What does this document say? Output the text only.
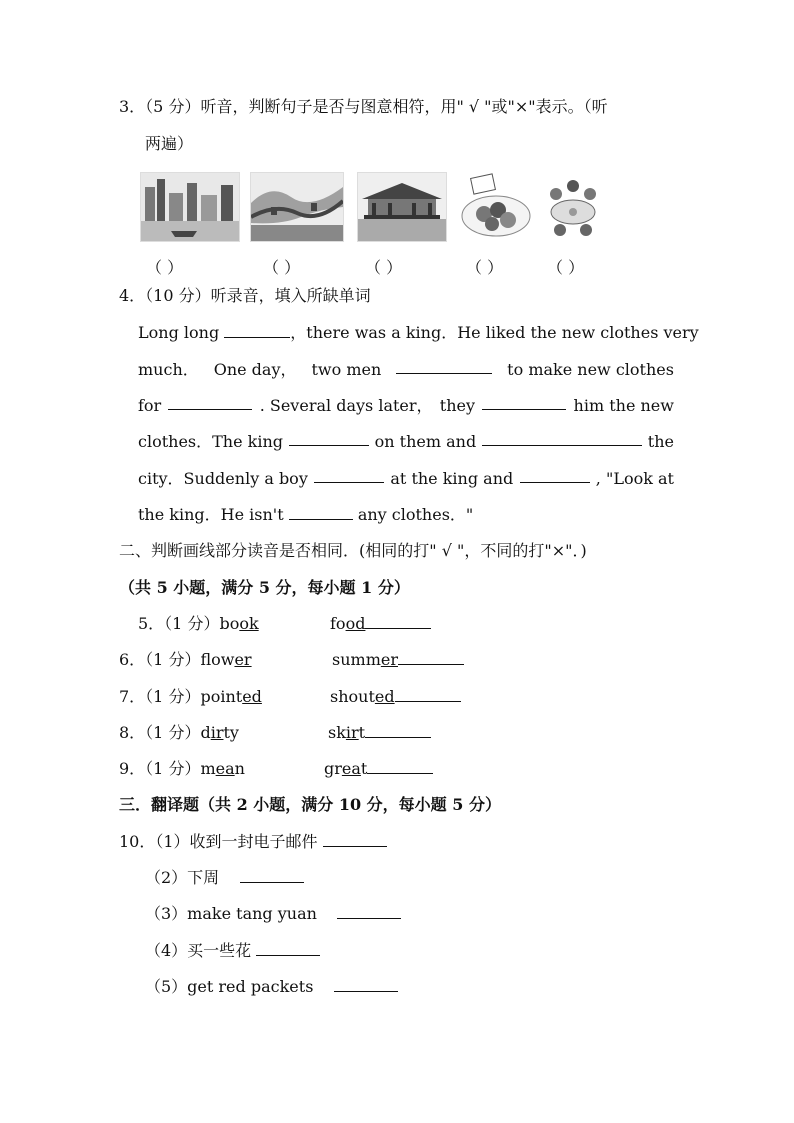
3．（5 分）听音，判断句子是否与图意相符，用" √ "或"×"表示。（听
两遍）
（ ）	（ ）	（ ）	（ ）	（ ）
4．（10 分）听录音，填入所缺单词
Long long	，there was a king．He liked the new clothes very
much． One day， two men	to make new clothes
for	. Several days later， they	him the new
clothes．The king	on them and	the
city．Suddenly a boy	at the king and	, "Look at
the king．He isn't	any clothes．"
二、判断画线部分读音是否相同．(相同的打" √ "，不同的打"×"．)
（共 5 小题，满分 5 分，每小题 1 分）
5．（1 分）book	food
6．（1 分）flower	summer
7．（1 分）pointed	shouted
8．（1 分）dirty	skirt
9．（1 分）mean	great
三．翻译题（共 2 小题，满分 10 分，每小题 5 分）
10．（1）收到一封电子邮件
（2）下周
（3）make tang yuan
（4）买一些花
（5）get red packets
